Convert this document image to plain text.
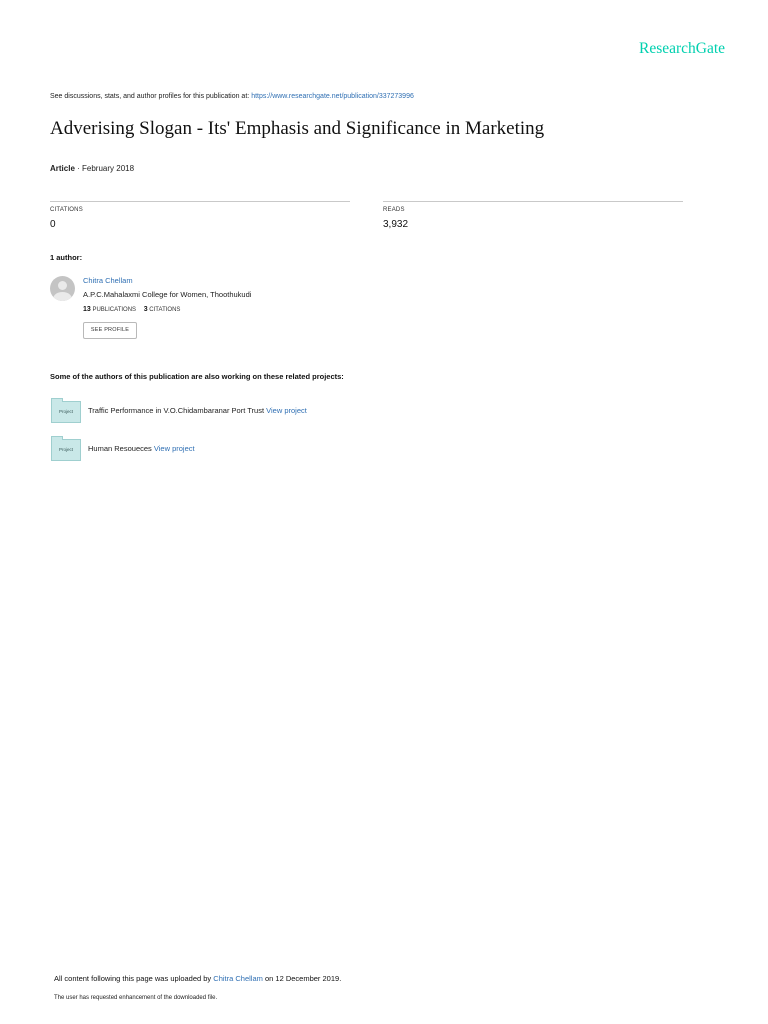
ResearchGate
See discussions, stats, and author profiles for this publication at: https://www.researchgate.net/publication/337273996
Adverising Slogan - Its' Emphasis and Significance in Marketing
Article · February 2018
CITATIONS
0
READS
3,932
1 author:
Chitra Chellam
A.P.C.Mahalaxmi College for Women, Thoothukudi
13 PUBLICATIONS 3 CITATIONS
SEE PROFILE
Some of the authors of this publication are also working on these related projects:
Project	Traffic Performance in V.O.Chidambaranar Port Trust View project
Project	Human Resoueces View project
All content following this page was uploaded by Chitra Chellam on 12 December 2019.
The user has requested enhancement of the downloaded file.
